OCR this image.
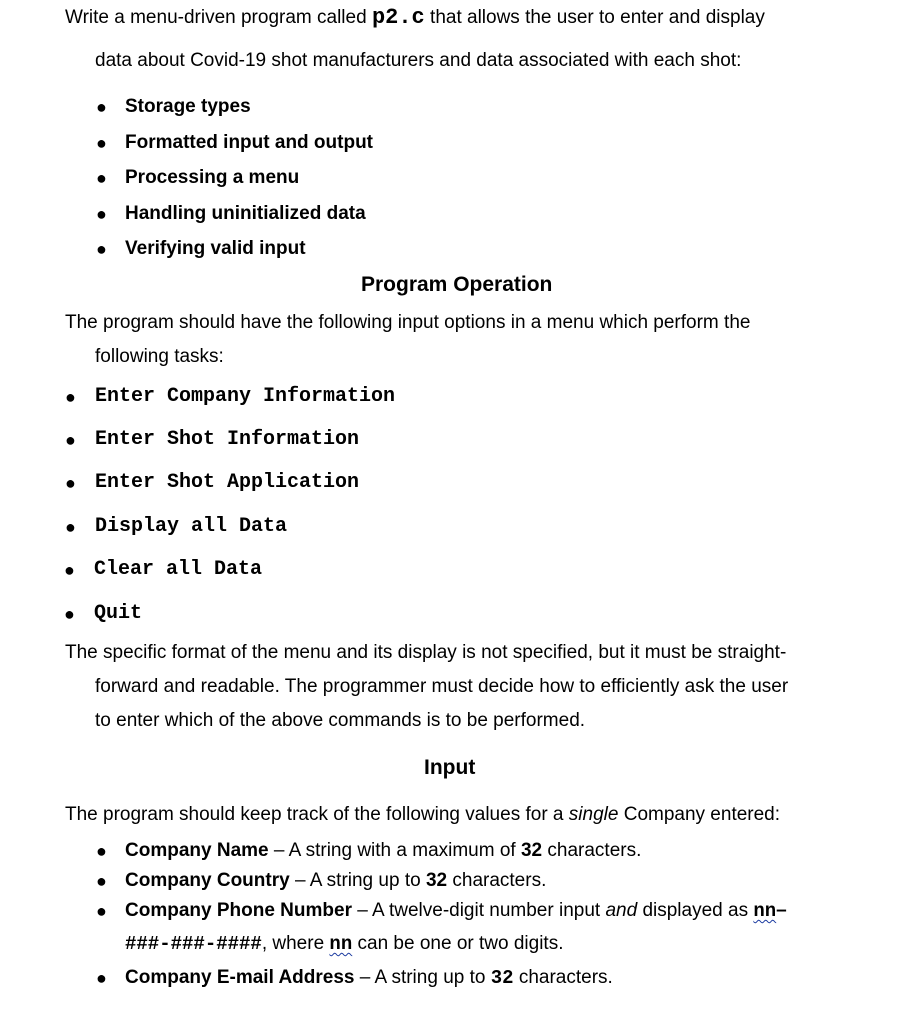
Write a menu-driven program called p2.c that allows the user to enter and display
data about Covid-19 shot manufacturers and data associated with each shot:
● Storage types
● Formatted input and output
● Processing a menu
● Handling uninitialized data
● Verifying valid input
Program Operation
The program should have the following input options in a menu which perform the
following tasks:
● Enter Company Information
● Enter Shot Information
● Enter Shot Application
● Display all Data
● Clear all Data
● Quit
The specific format of the menu and its display is not specified, but it must be straight-
forward and readable. The programmer must decide how to efficiently ask the user
to enter which of the above commands is to be performed.
Input
The program should keep track of the following values for a single Company entered:
● Company Name – A string with a maximum of 32 characters.
● Company Country – A string up to 32 characters.
● Company Phone Number – A twelve-digit number input and displayed as nn–
###-###-####, where nn can be one or two digits.
● Company E-mail Address – A string up to 32 characters.
